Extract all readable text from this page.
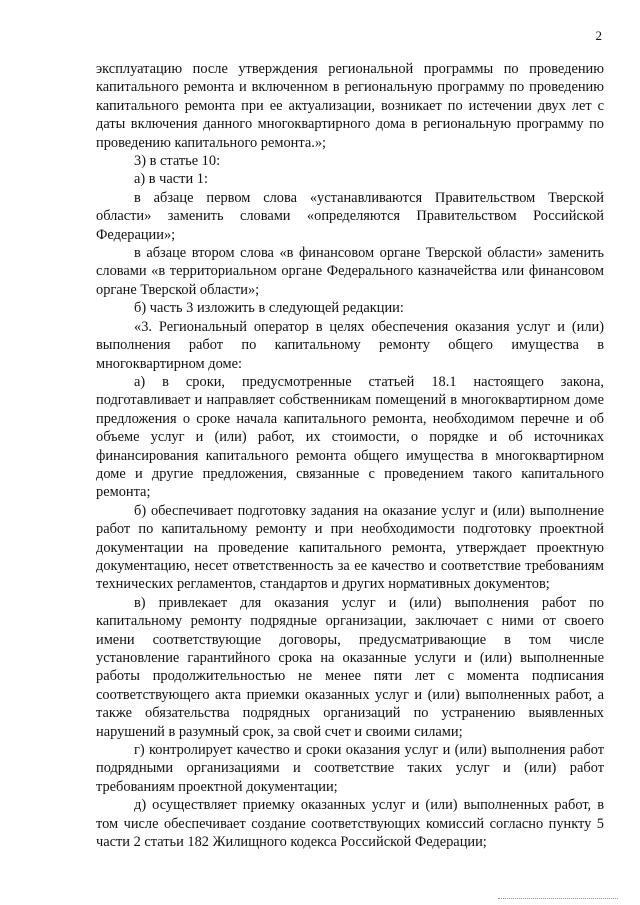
2

эксплуатацию после утверждения региональной программы по проведению капитального ремонта и включенном в региональную программу по проведению капитального ремонта при ее актуализации, возникает по истечении двух лет с даты включения данного многоквартирного дома в региональную программу по проведению капитального ремонта.»;

3) в статье 10:

а) в части 1:

в абзаце первом слова «устанавливаются Правительством Тверской области» заменить словами «определяются Правительством Российской Федерации»;

в абзаце втором слова «в финансовом органе Тверской области» заменить словами «в территориальном органе Федерального казначейства или финансовом органе Тверской области»;

б) часть 3 изложить в следующей редакции:

«3. Региональный оператор в целях обеспечения оказания услуг и (или) выполнения работ по капитальному ремонту общего имущества в многоквартирном доме:

а) в сроки, предусмотренные статьей 18.1 настоящего закона, подготавливает и направляет собственникам помещений в многоквартирном доме предложения о сроке начала капитального ремонта, необходимом перечне и об объеме услуг и (или) работ, их стоимости, о порядке и об источниках финансирования капитального ремонта общего имущества в многоквартирном доме и другие предложения, связанные с проведением такого капитального ремонта;

б) обеспечивает подготовку задания на оказание услуг и (или) выполнение работ по капитальному ремонту и при необходимости подготовку проектной документации на проведение капитального ремонта, утверждает проектную документацию, несет ответственность за ее качество и соответствие требованиям технических регламентов, стандартов и других нормативных документов;

в) привлекает для оказания услуг и (или) выполнения работ по капитальному ремонту подрядные организации, заключает с ними от своего имени соответствующие договоры, предусматривающие в том числе установление гарантийного срока на оказанные услуги и (или) выполненные работы продолжительностью не менее пяти лет с момента подписания соответствующего акта приемки оказанных услуг и (или) выполненных работ, а также обязательства подрядных организаций по устранению выявленных нарушений в разумный срок, за свой счет и своими силами;

г) контролирует качество и сроки оказания услуг и (или) выполнения работ подрядными организациями и соответствие таких услуг и (или) работ требованиям проектной документации;

д) осуществляет приемку оказанных услуг и (или) выполненных работ, в том числе обеспечивает создание соответствующих комиссий согласно пункту 5 части 2 статьи 182 Жилищного кодекса Российской Федерации;
